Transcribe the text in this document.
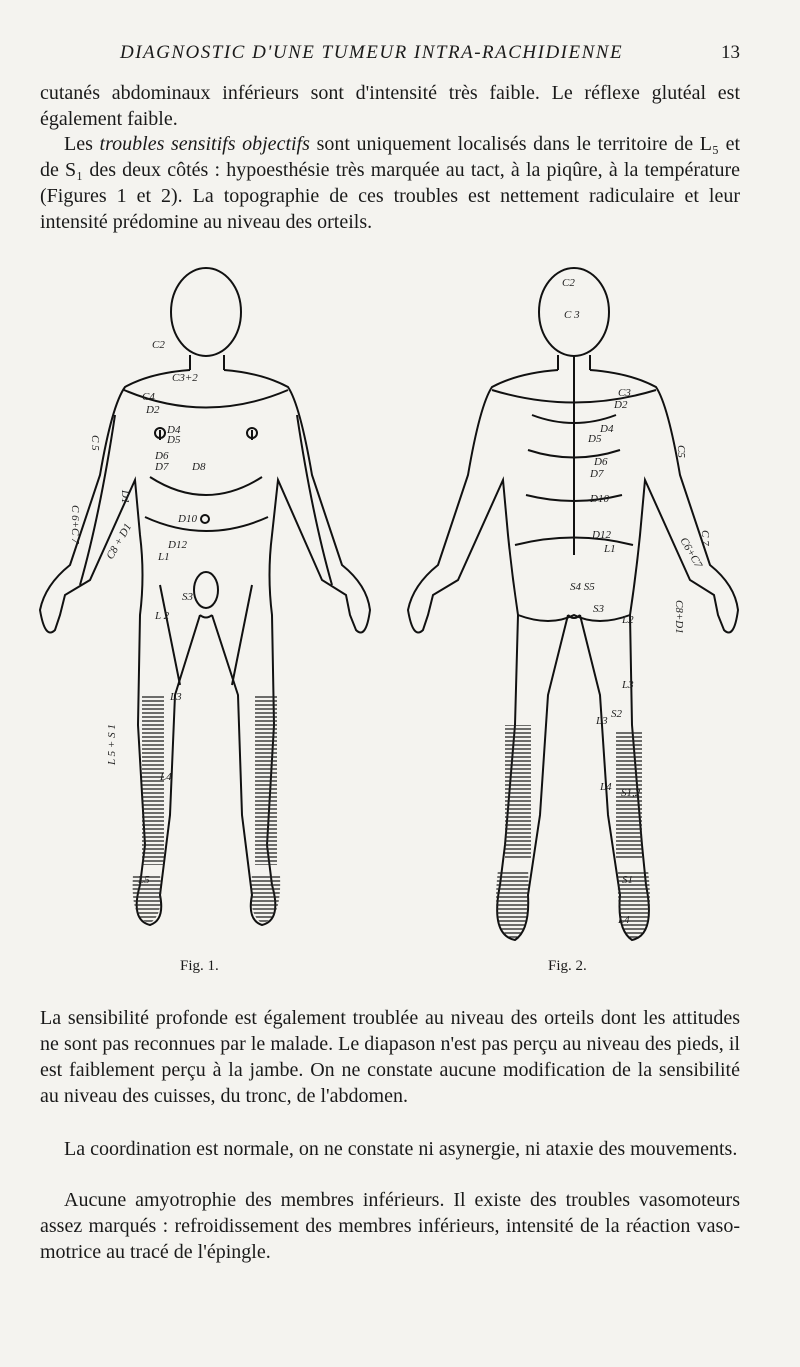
DIAGNOSTIC D'UNE TUMEUR INTRA-RACHIDIENNE	13

cutanés abdominaux inférieurs sont d'intensité très faible. Le réflexe glutéal est également faible.

Les troubles sensitifs objectifs sont uniquement localisés dans le territoire de L₅ et de S₁ des deux côtés : hypoesthésie très marquée au tact, à la piqûre, à la température (Figures 1 et 2). La topographie de ces troubles est nettement radiculaire et leur intensité prédomine au niveau des orteils.

C2
C3+2
C4
D2
D4
D5
D6
D7 D8
D10
D12
L1
L 2
S3
L3
L4
L5
C 5
D1
C 6+C 7 C8 + D1
L 5 + S 1
C2
C 3
C3
D2
D4
D5
D6
D7
D10
D12
L1
S4 S5
S3
L2
L3
L3
S2
L4 S1,2
S1
L4
C5
C 7
C6+C7
C8+D1
Fig. 1.	Fig. 2.

La sensibilité profonde est également troublée au niveau des orteils dont les attitudes ne sont pas reconnues par le malade. Le diapason n'est pas perçu au niveau des pieds, il est faiblement perçu à la jambe. On ne constate aucune modification de la sensibilité au niveau des cuisses, du tronc, de l'abdomen.

La coordination est normale, on ne constate ni asynergie, ni ataxie des mouvements.

Aucune amyotrophie des membres inférieurs. Il existe des troubles vasomoteurs assez marqués : refroidissement des membres inférieurs, intensité de la réaction vaso-motrice au tracé de l'épingle.
